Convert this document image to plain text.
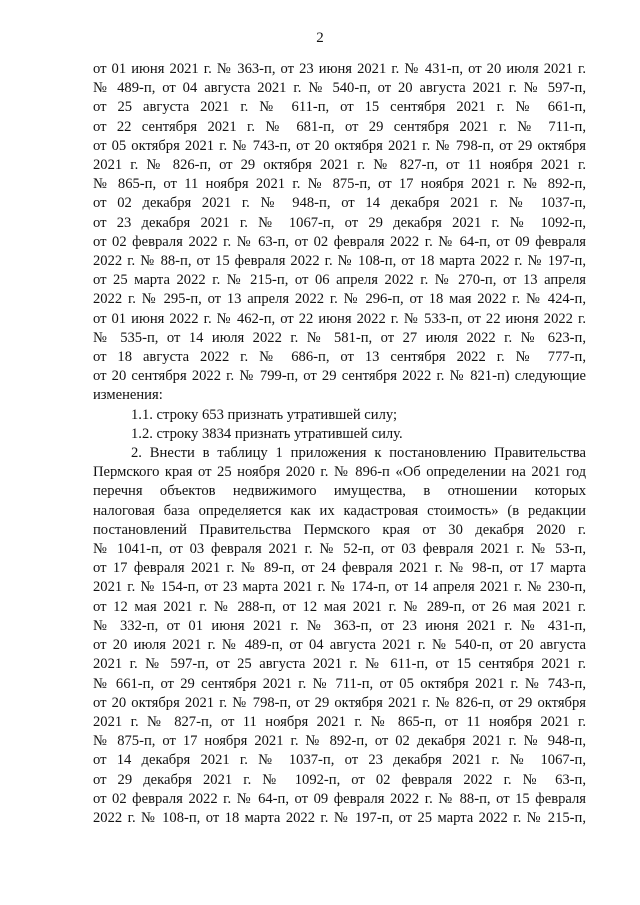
2
от 01 июня 2021 г. № 363-п, от 23 июня 2021 г. № 431-п, от 20 июля 2021 г.
№ 489-п, от 04 августа 2021 г. № 540-п, от 20 августа 2021 г. № 597-п,
от 25 августа 2021 г. № 611-п, от 15 сентября 2021 г. № 661-п,
от 22 сентября 2021 г. № 681-п, от 29 сентября 2021 г. № 711-п,
от 05 октября 2021 г. № 743-п, от 20 октября 2021 г. № 798-п, от 29 октября
2021 г. № 826-п, от 29 октября 2021 г. № 827-п, от 11 ноября 2021 г.
№ 865-п, от 11 ноября 2021 г. № 875-п, от 17 ноября 2021 г. № 892-п,
от 02 декабря 2021 г. № 948-п, от 14 декабря 2021 г. № 1037-п,
от 23 декабря 2021 г. № 1067-п, от 29 декабря 2021 г. № 1092-п,
от 02 февраля 2022 г. № 63-п, от 02 февраля 2022 г. № 64-п, от 09 февраля
2022 г. № 88-п, от 15 февраля 2022 г. № 108-п, от 18 марта 2022 г. № 197-п,
от 25 марта 2022 г. № 215-п, от 06 апреля 2022 г. № 270-п, от 13 апреля
2022 г. № 295-п, от 13 апреля 2022 г. № 296-п, от 18 мая 2022 г. № 424-п,
от 01 июня 2022 г. № 462-п, от 22 июня 2022 г. № 533-п, от 22 июня 2022 г.
№ 535-п, от 14 июля 2022 г. № 581-п, от 27 июля 2022 г. № 623-п,
от 18 августа 2022 г. № 686-п, от 13 сентября 2022 г. № 777-п,
от 20 сентября 2022 г. № 799-п, от 29 сентября 2022 г. № 821-п) следующие
изменения:
1.1. строку 653 признать утратившей силу;
1.2. строку 3834 признать утратившей силу.
2. Внести в таблицу 1 приложения к постановлению Правительства
Пермского края от 25 ноября 2020 г. № 896-п «Об определении на 2021 год
перечня объектов недвижимого имущества, в отношении которых
налоговая база определяется как их кадастровая стоимость» (в редакции
постановлений Правительства Пермского края от 30 декабря 2020 г.
№ 1041-п, от 03 февраля 2021 г. № 52-п, от 03 февраля 2021 г. № 53-п,
от 17 февраля 2021 г. № 89-п, от 24 февраля 2021 г. № 98-п, от 17 марта
2021 г. № 154-п, от 23 марта 2021 г. № 174-п, от 14 апреля 2021 г. № 230-п,
от 12 мая 2021 г. № 288-п, от 12 мая 2021 г. № 289-п, от 26 мая 2021 г.
№ 332-п, от 01 июня 2021 г. № 363-п, от 23 июня 2021 г. № 431-п,
от 20 июля 2021 г. № 489-п, от 04 августа 2021 г. № 540-п, от 20 августа
2021 г. № 597-п, от 25 августа 2021 г. № 611-п, от 15 сентября 2021 г.
№ 661-п, от 29 сентября 2021 г. № 711-п, от 05 октября 2021 г. № 743-п,
от 20 октября 2021 г. № 798-п, от 29 октября 2021 г. № 826-п, от 29 октября
2021 г. № 827-п, от 11 ноября 2021 г. № 865-п, от 11 ноября 2021 г.
№ 875-п, от 17 ноября 2021 г. № 892-п, от 02 декабря 2021 г. № 948-п,
от 14 декабря 2021 г. № 1037-п, от 23 декабря 2021 г. № 1067-п,
от 29 декабря 2021 г. № 1092-п, от 02 февраля 2022 г. № 63-п,
от 02 февраля 2022 г. № 64-п, от 09 февраля 2022 г. № 88-п, от 15 февраля
2022 г. № 108-п, от 18 марта 2022 г. № 197-п, от 25 марта 2022 г. № 215-п,
